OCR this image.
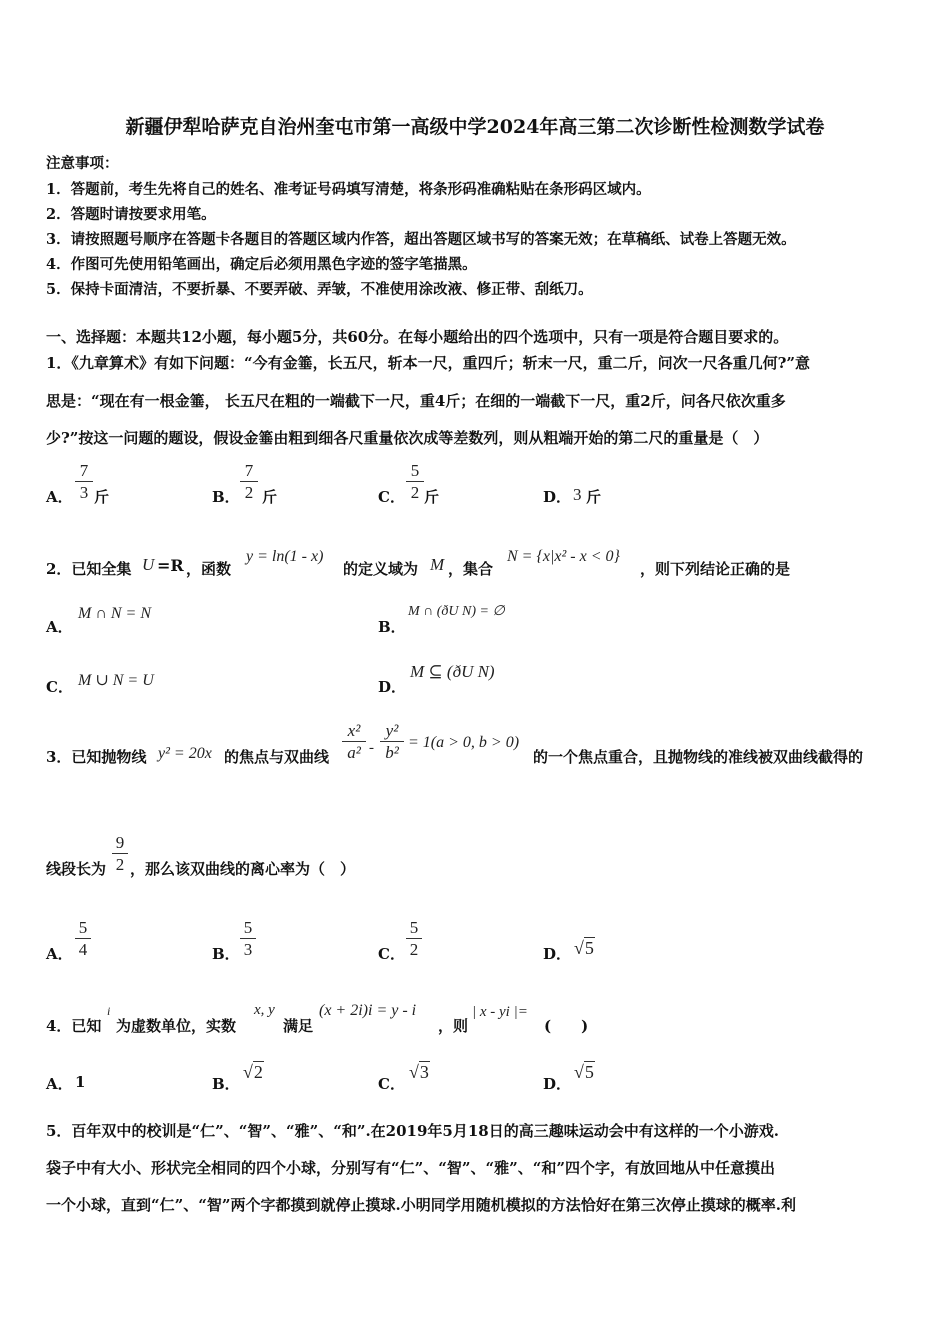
新疆伊犁哈萨克自治州奎屯市第一高级中学2024年高三第二次诊断性检测数学试卷
注意事项：
1．答题前，考生先将自己的姓名、准考证号码填写清楚，将条形码准确粘贴在条形码区域内。
2．答题时请按要求用笔。
3．请按照题号顺序在答题卡各题目的答题区域内作答，超出答题区域书写的答案无效；在草稿纸、试卷上答题无效。
4．作图可先使用铅笔画出，确定后必须用黑色字迹的签字笔描黑。
5．保持卡面清洁，不要折暴、不要弄破、弄皱，不准使用涂改液、修正带、刮纸刀。
一、选择题：本题共12小题，每小题5分，共60分。在每小题给出的四个选项中，只有一项是符合题目要求的。
1．《九章算术》有如下问题：“今有金箠，长五尺，斩本一尺，重四斤；斩末一尺，重二斤，问次一尺各重几何?”意
思是：“现在有一根金箠， 长五尺在粗的一端截下一尺，重4斤；在细的一端截下一尺，重2斤，问各尺依次重多
少?”按这一问题的题设，假设金箠由粗到细各尺重量依次成等差数列，则从粗端开始的第二尺的重量是（　）
A．
7
3 斤	B．
7
2 斤	C．
5
2 斤	D． 3 斤
2．已知全集 U =R ，函数
y = ln(1 - x)
的定义域为 M ，集合
N = {x|x² - x < 0}
，则下列结论正确的是
A．
M ∩ N = N
B．
M ∩ (ðU N) = ∅
C． M ∪ N = U	D．
M ⊆ (ðU N)
3．已知抛物线 y² = 20x 的焦点与双曲线
x²
a² -
y²
b²
= 1(a > 0, b > 0)
的一个焦点重合，且抛物线的准线被双曲线截得的
线段长为
9
2 ，那么该双曲线的离心率为（　）
A．
5
4	B．
5
3	C．
5
2	D． √5
4．已知
i
为虚数单位，实数
x, y
满足
(x + 2i)i = y - i
，则
| x - yi |=
(　　)
A． 1	B．
√2
C．
√3
D．
√5
5．百年双中的校训是“仁”、“智”、“雅”、“和”.在2019年5月18日的高三趣味运动会中有这样的一个小游戏.
袋子中有大小、形状完全相同的四个小球，分别写有“仁”、“智”、“雅”、“和”四个字，有放回地从中任意摸出
一个小球，直到“仁”、“智”两个字都摸到就停止摸球.小明同学用随机模拟的方法恰好在第三次停止摸球的概率.利
